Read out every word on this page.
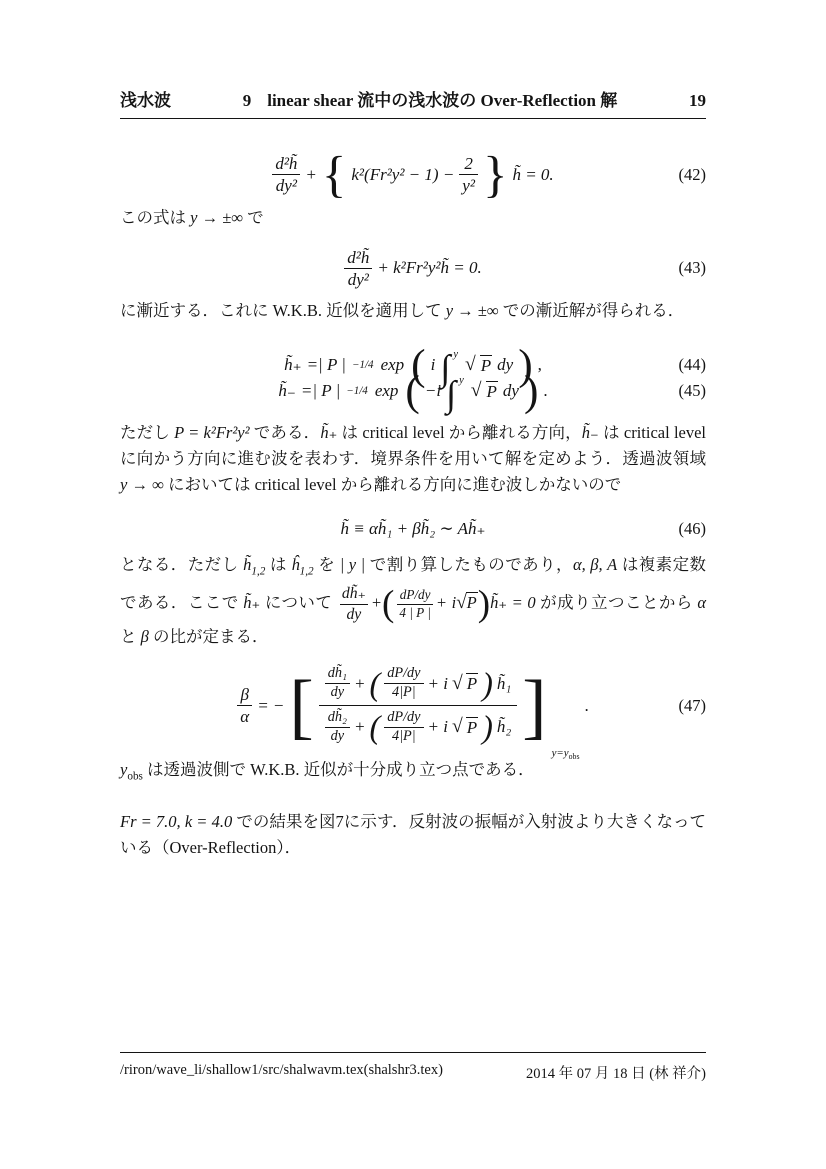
浅水波	9 linear shear 流中の浅水波の Over-Reflection 解	19
$\frac{\text{d²h̃}}{\text{dy²}}$ + { $k^2(Fr^2y^2 - 1) - \frac{2}{\text{y²}}$ } h̃ = 0.	(42)
この式は y → ±∞ で
$\frac{\text{d²h̃}}{\text{dy²}}$ + k²Fr²y²h̃ = 0.	(43)
に漸近する．これに W.K.B. 近似を適用して y → ±∞ での漸近解が得られる．
h̃₊ =| P | −1/4 exp ( i ∫ $^y$ √ P dy ) ,	(44)
h̃₋ =| P | −1/4 exp ( −i ∫ $^y$ √ P dy ) .	(45)
ただし P = k²Fr²y² である．h̃₊ は critical level から離れる方向，h̃₋ は critical level に向かう方向に進む波を表わす．境界条件を用いて解を定めよう．透過波領域 y → ∞ においては critical level から離れる方向に進む波しかないので
h̃ ≡ αh̃₁ + βh̃₂ ∼ Ah̃₊	(46)
となる．ただし $h̃_{1,2}$ は $ĥ_{1,2}$ を | y | で割り算したものであり，α, β, A は複素定数である．ここで h̃₊ について $\frac{dh̃_+}{dy}$ +( $\frac{dP/dy}{4 | P |}$ + i√P)h̃₊ = 0 が成り立つことから α と β の比が定まる．
$\frac{\beta}{\alpha}$ = − [ $\frac{\frac{\text{dh̃₁}}{dy} + ( \frac{dP/dy}{4|P|} + i √ P ) h̃_1}{\frac{\text{dh̃₂}}{dy} + ( \frac{dP/dy}{4|P|} + i √ P ) h̃_2}$ ]
$y=y_{obs}$
.	(47)
$y_{obs}$ は透過波側で W.K.B. 近似が十分成り立つ点である．
Fr = 7.0, k = 4.0 での結果を図7に示す．反射波の振幅が入射波より大きくなっている（Over-Reflection）．
/riron/wave_li/shallow1/src/shalwavm.tex(shalshr3.tex)	2014 年 07 月 18 日 (林 祥介)
